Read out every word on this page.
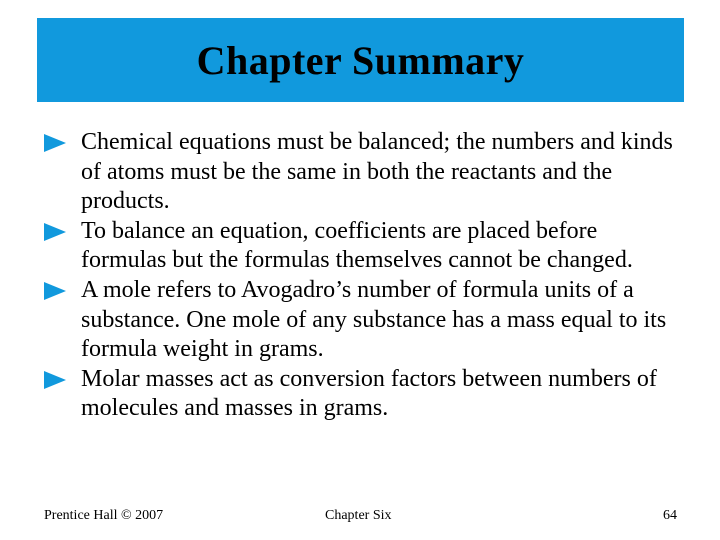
Chapter Summary
Chemical equations must be balanced; the numbers and kinds of atoms must be the same in both the reactants and the products.
To balance an equation, coefficients are placed before formulas but the formulas themselves cannot be changed.
A mole refers to Avogadro’s number of formula units of a substance. One mole of any substance has a mass equal to its formula weight in grams.
Molar masses act as conversion factors between numbers of molecules and masses in grams.
Prentice Hall © 2007	Chapter Six	64
